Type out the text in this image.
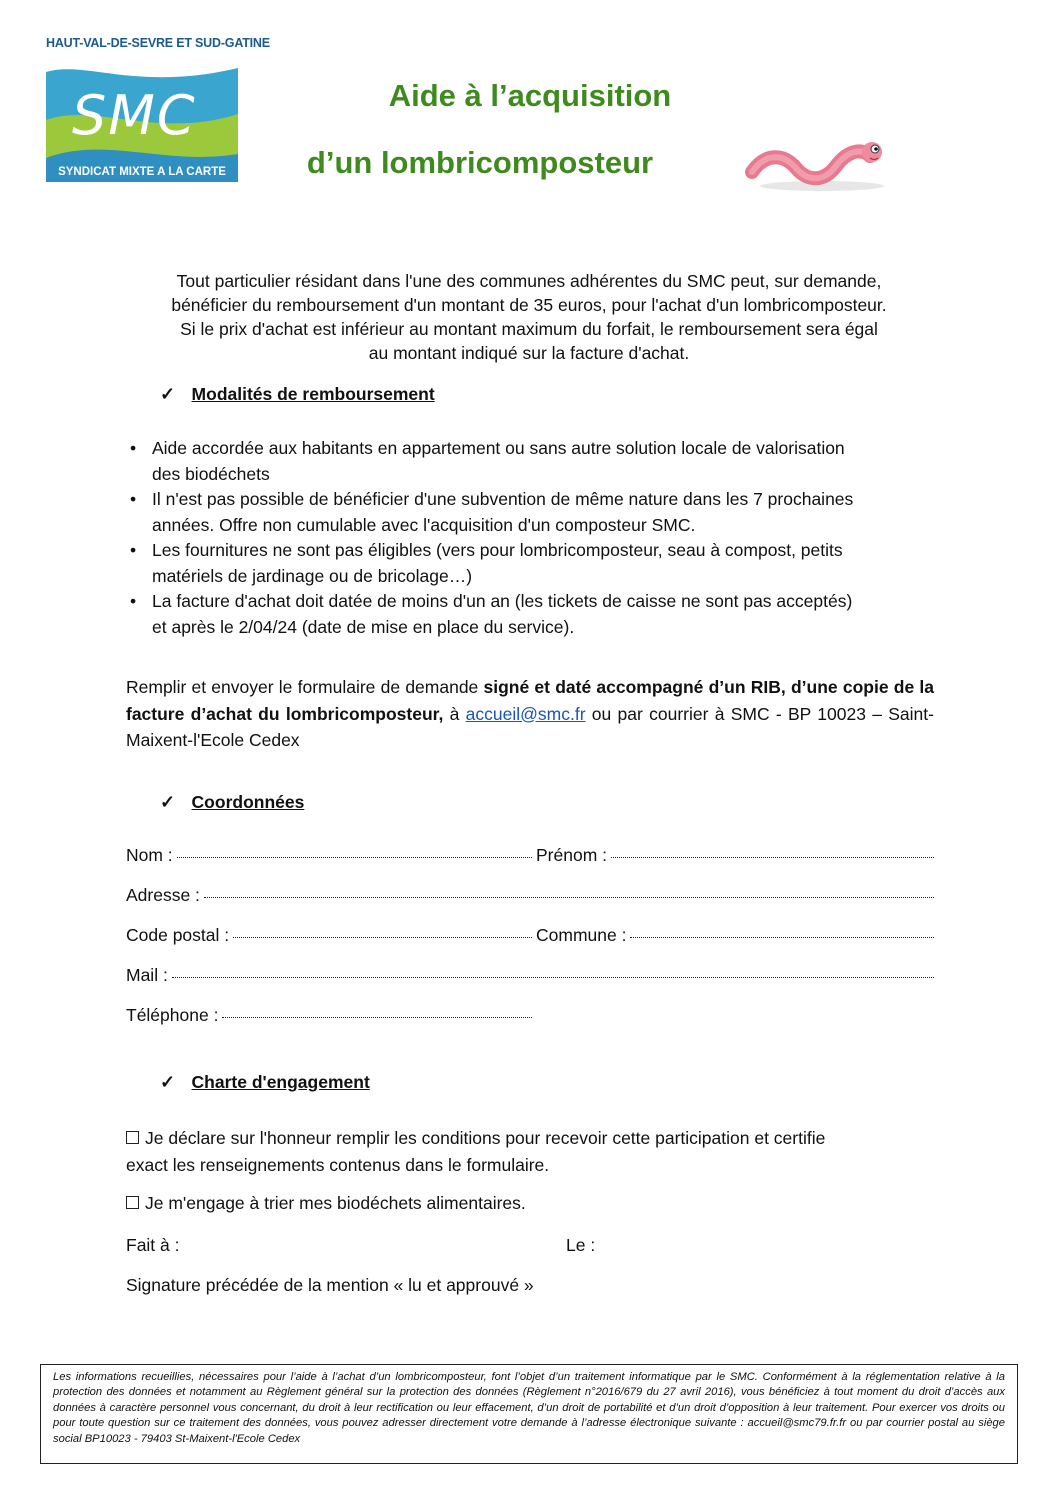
HAUT-VAL-DE-SEVRE ET SUD-GATINE
SMC
SYNDICAT MIXTE A LA CARTE
Aide à l’acquisition
d’un lombricomposteur
Tout particulier résidant dans l'une des communes adhérentes du SMC peut, sur demande,
bénéficier du remboursement d'un montant de 35 euros, pour l'achat d'un lombricomposteur.
Si le prix d'achat est inférieur au montant maximum du forfait, le remboursement sera égal
au montant indiqué sur la facture d'achat.
✓ Modalités de remboursement
• Aide accordée aux habitants en appartement ou sans autre solution locale de valorisation
des biodéchets
• Il n'est pas possible de bénéficier d'une subvention de même nature dans les 7 prochaines
années. Offre non cumulable avec l'acquisition d'un composteur SMC.
• Les fournitures ne sont pas éligibles (vers pour lombricomposteur, seau à compost, petits
matériels de jardinage ou de bricolage…)
• La facture d'achat doit datée de moins d'un an (les tickets de caisse ne sont pas acceptés)
et après le 2/04/24 (date de mise en place du service).
Remplir et envoyer le formulaire de demande signé et daté accompagné d’un RIB, d’une copie de la facture d’achat du lombricomposteur, à accueil@smc.fr ou par courrier à SMC - BP 10023 – Saint-Maixent-l'Ecole Cedex
✓ Coordonnées
Nom :	Prénom :
Adresse :
Code postal :	Commune :
Mail :
Téléphone :
✓ Charte d'engagement
Je déclare sur l'honneur remplir les conditions pour recevoir cette participation et certifie
exact les renseignements contenus dans le formulaire.
Je m'engage à trier mes biodéchets alimentaires.
Fait à :	Le :
Signature précédée de la mention « lu et approuvé »
Les informations recueillies, nécessaires pour l’aide à l’achat d’un lombricomposteur, font l’objet d’un traitement informatique par le SMC. Conformément à la réglementation relative à la protection des données et notamment au Règlement général sur la protection des données (Règlement n°2016/679 du 27 avril 2016), vous bénéficiez à tout moment du droit d’accès aux données à caractère personnel vous concernant, du droit à leur rectification ou leur effacement, d’un droit de portabilité et d’un droit d’opposition à leur traitement. Pour exercer vos droits ou pour toute question sur ce traitement des données, vous pouvez adresser directement votre demande à l’adresse électronique suivante : accueil@smc79.fr.fr ou par courrier postal au siège social BP10023 - 79403 St-Maixent-l'Ecole Cedex
